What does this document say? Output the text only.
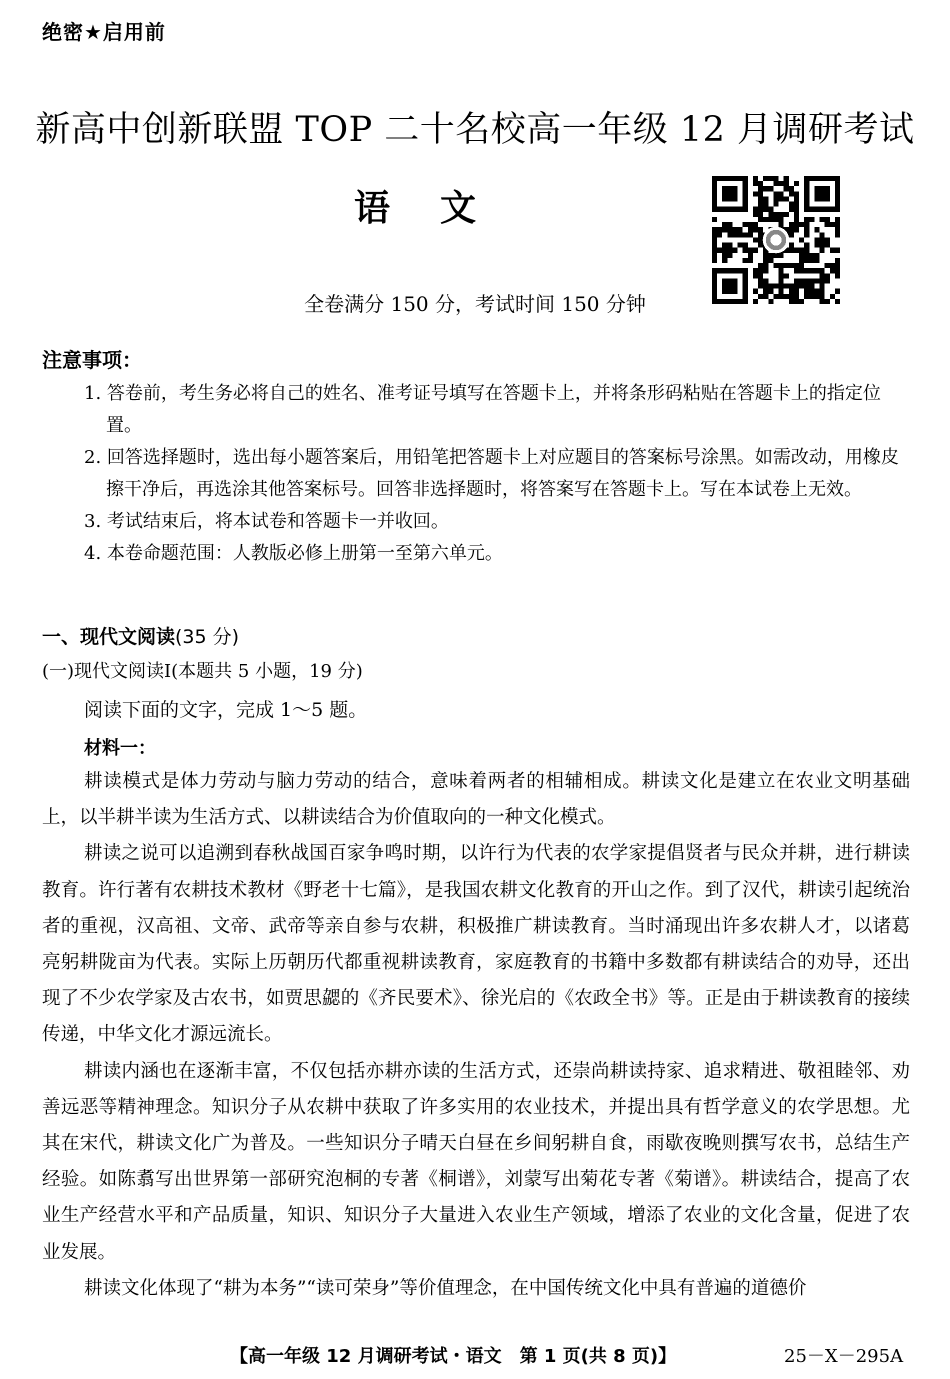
绝密★启用前
新高中创新联盟 TOP 二十名校高一年级 12 月调研考试
语文
全卷满分 150 分，考试时间 150 分钟
注意事项：

1. 答卷前，考生务必将自己的姓名、准考证号填写在答题卡上，并将条形码粘贴在答题卡上的指定位置。

2. 回答选择题时，选出每小题答案后，用铅笔把答题卡上对应题目的答案标号涂黑。如需改动，用橡皮擦干净后，再选涂其他答案标号。回答非选择题时，将答案写在答题卡上。写在本试卷上无效。

3. 考试结束后，将本试卷和答题卡一并收回。

4. 本卷命题范围：人教版必修上册第一至第六单元。

一、现代文阅读(35 分)
(一)现代文阅读Ⅰ(本题共 5 小题，19 分)
阅读下面的文字，完成 1～5 题。
材料一：

耕读模式是体力劳动与脑力劳动的结合，意味着两者的相辅相成。耕读文化是建立在农业文明基础上，以半耕半读为生活方式、以耕读结合为价值取向的一种文化模式。

耕读之说可以追溯到春秋战国百家争鸣时期，以许行为代表的农学家提倡贤者与民众并耕，进行耕读教育。许行著有农耕技术教材《野老十七篇》，是我国农耕文化教育的开山之作。到了汉代，耕读引起统治者的重视，汉高祖、文帝、武帝等亲自参与农耕，积极推广耕读教育。当时涌现出许多农耕人才，以诸葛亮躬耕陇亩为代表。实际上历朝历代都重视耕读教育，家庭教育的书籍中多数都有耕读结合的劝导，还出现了不少农学家及古农书，如贾思勰的《齐民要术》、徐光启的《农政全书》等。正是由于耕读教育的接续传递，中华文化才源远流长。

耕读内涵也在逐渐丰富，不仅包括亦耕亦读的生活方式，还崇尚耕读持家、追求精进、敬祖睦邻、劝善远恶等精神理念。知识分子从农耕中获取了许多实用的农业技术，并提出具有哲学意义的农学思想。尤其在宋代，耕读文化广为普及。一些知识分子晴天白昼在乡间躬耕自食，雨歇夜晚则撰写农书，总结生产经验。如陈翥写出世界第一部研究泡桐的专著《桐谱》，刘蒙写出菊花专著《菊谱》。耕读结合，提高了农业生产经营水平和产品质量，知识、知识分子大量进入农业生产领域，增添了农业的文化含量，促进了农业发展。

耕读文化体现了“耕为本务”“读可荣身”等价值理念，在中国传统文化中具有普遍的道德价

【高一年级 12 月调研考试・语文　第 1 页(共 8 页)】	25－X－295A
